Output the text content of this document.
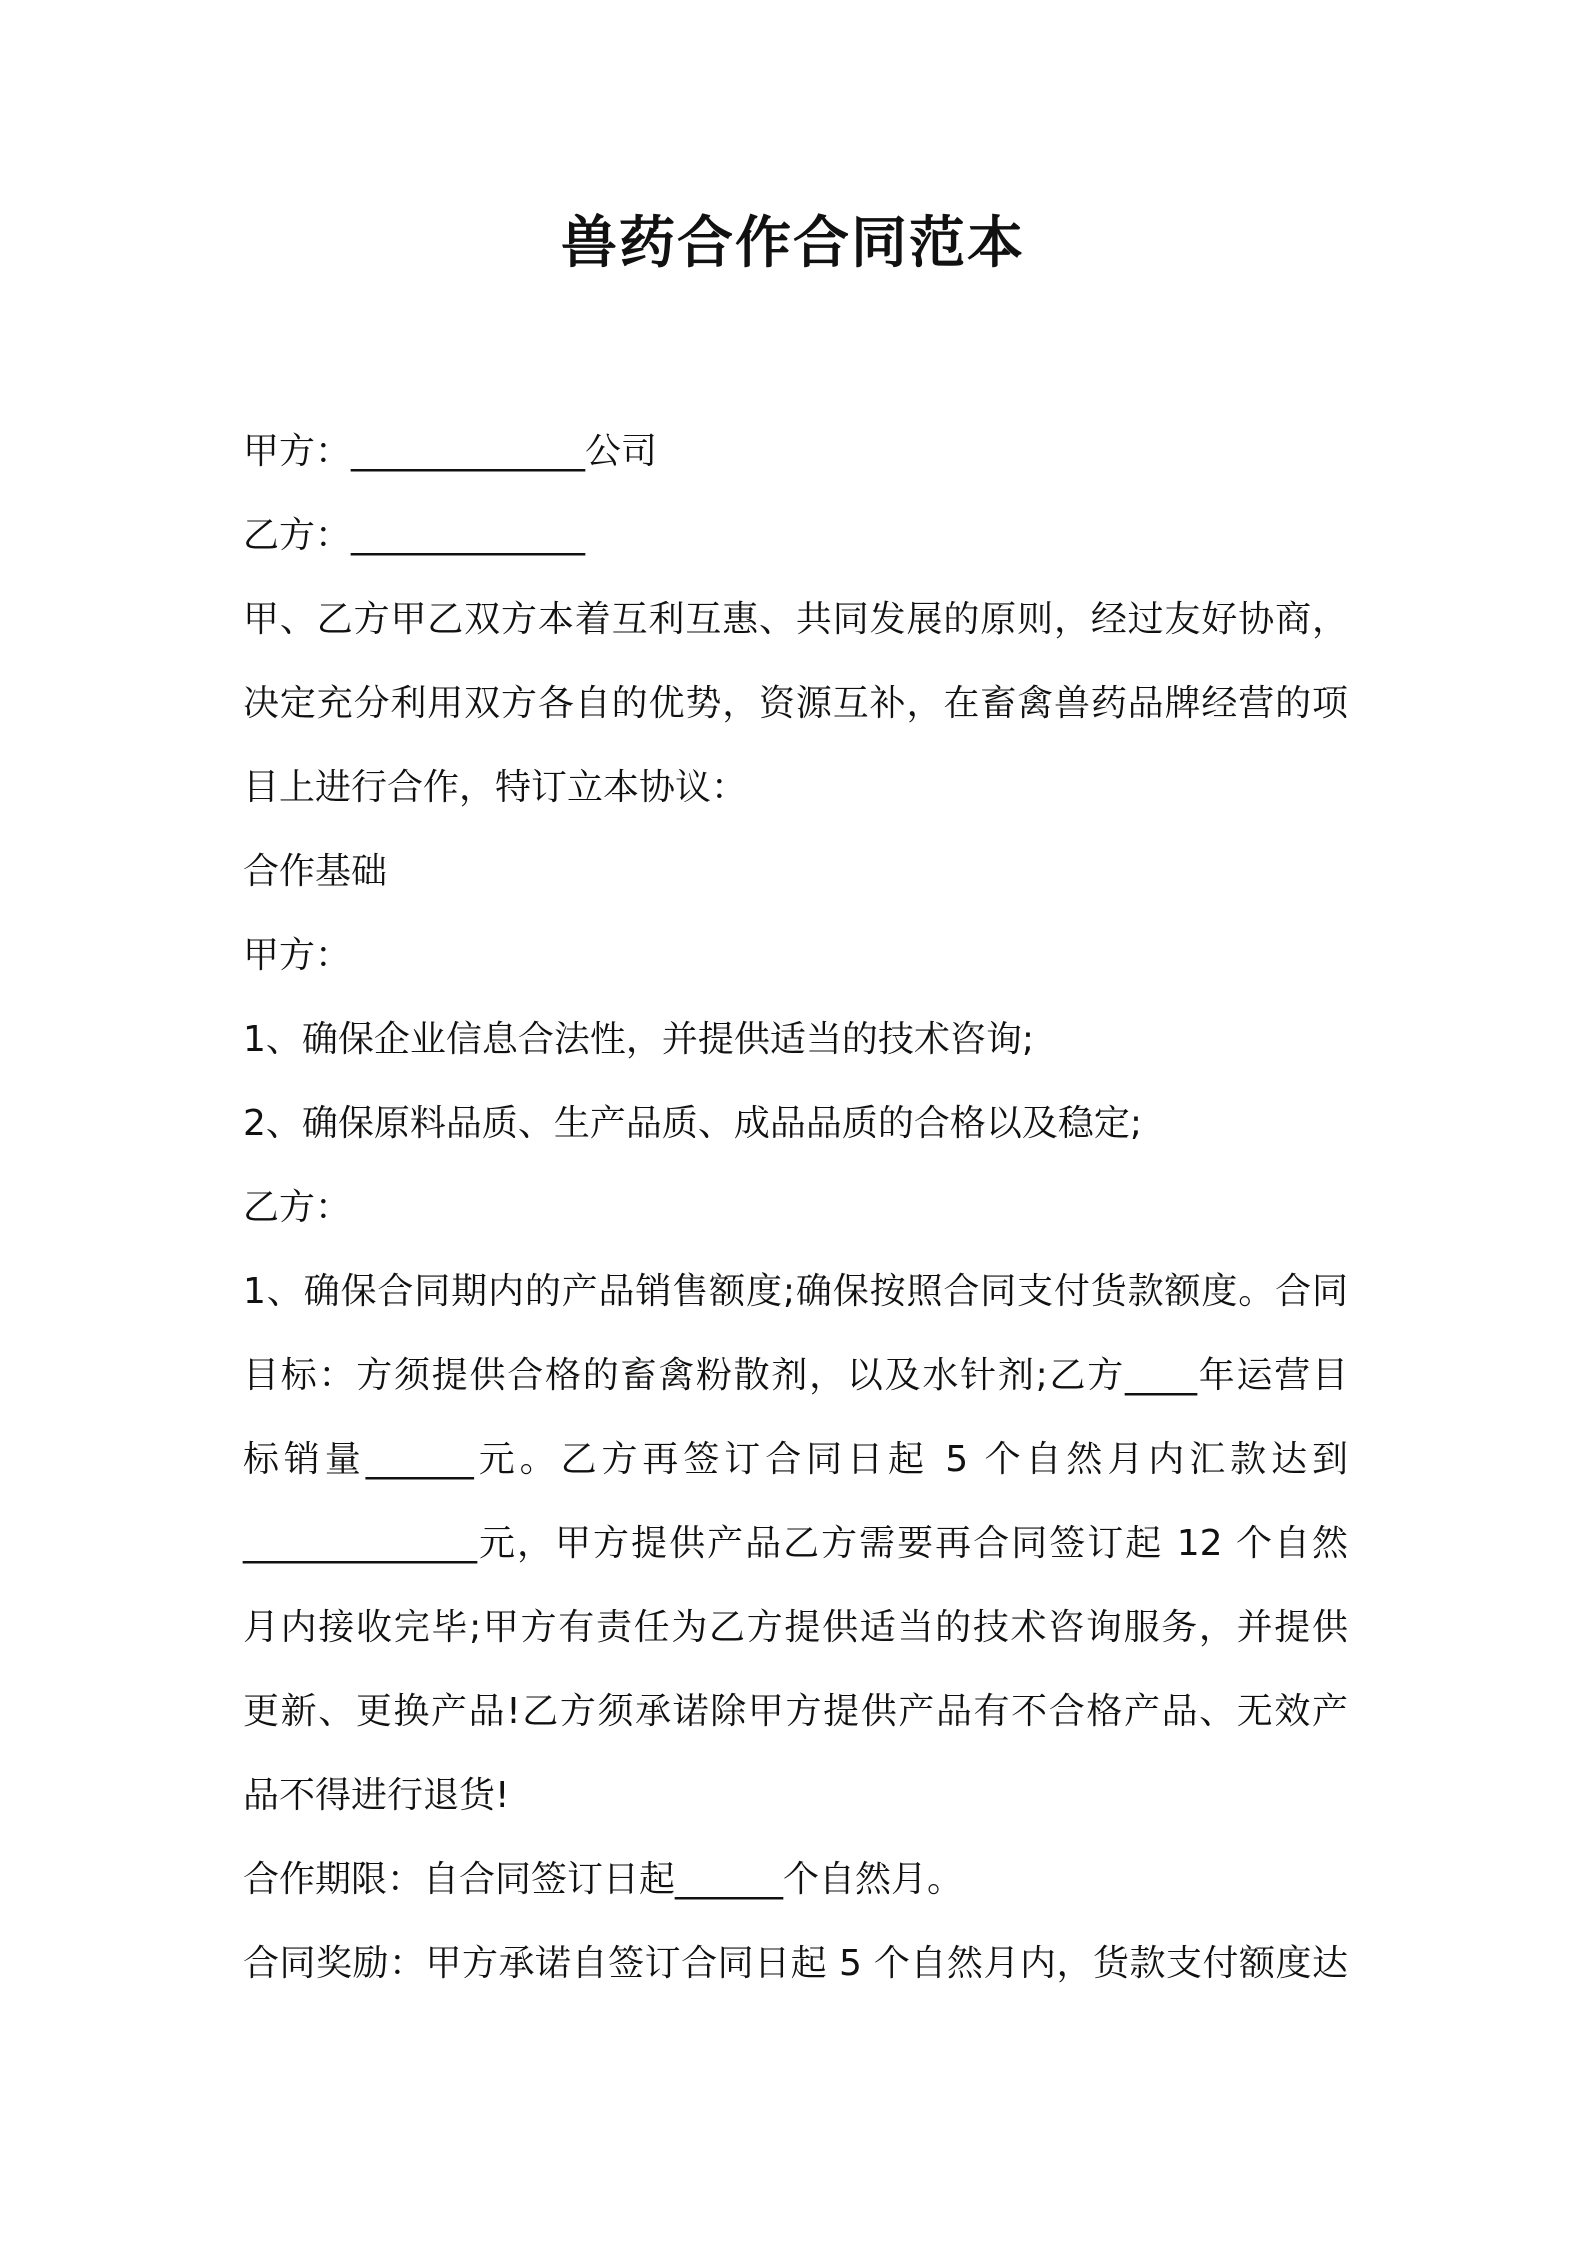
兽药合作合同范本

甲方：_____________公司

乙方：_____________

甲、乙方甲乙双方本着互利互惠、共同发展的原则，经过友好协商，

决定充分利用双方各自的优势，资源互补，在畜禽兽药品牌经营的项

目上进行合作，特订立本协议：

合作基础

甲方：

1、确保企业信息合法性，并提供适当的技术咨询;

2、确保原料品质、生产品质、成品品质的合格以及稳定;

乙方：

1、确保合同期内的产品销售额度;确保按照合同支付货款额度。合同

目标：方须提供合格的畜禽粉散剂，以及水针剂;乙方____年运营目

标销量______元。乙方再签订合同日起 5 个自然月内汇款达到

_____________元，甲方提供产品乙方需要再合同签订起 12 个自然

月内接收完毕;甲方有责任为乙方提供适当的技术咨询服务，并提供

更新、更换产品!乙方须承诺除甲方提供产品有不合格产品、无效产

品不得进行退货!

合作期限：自合同签订日起______个自然月。

合同奖励：甲方承诺自签订合同日起 5 个自然月内，货款支付额度达
